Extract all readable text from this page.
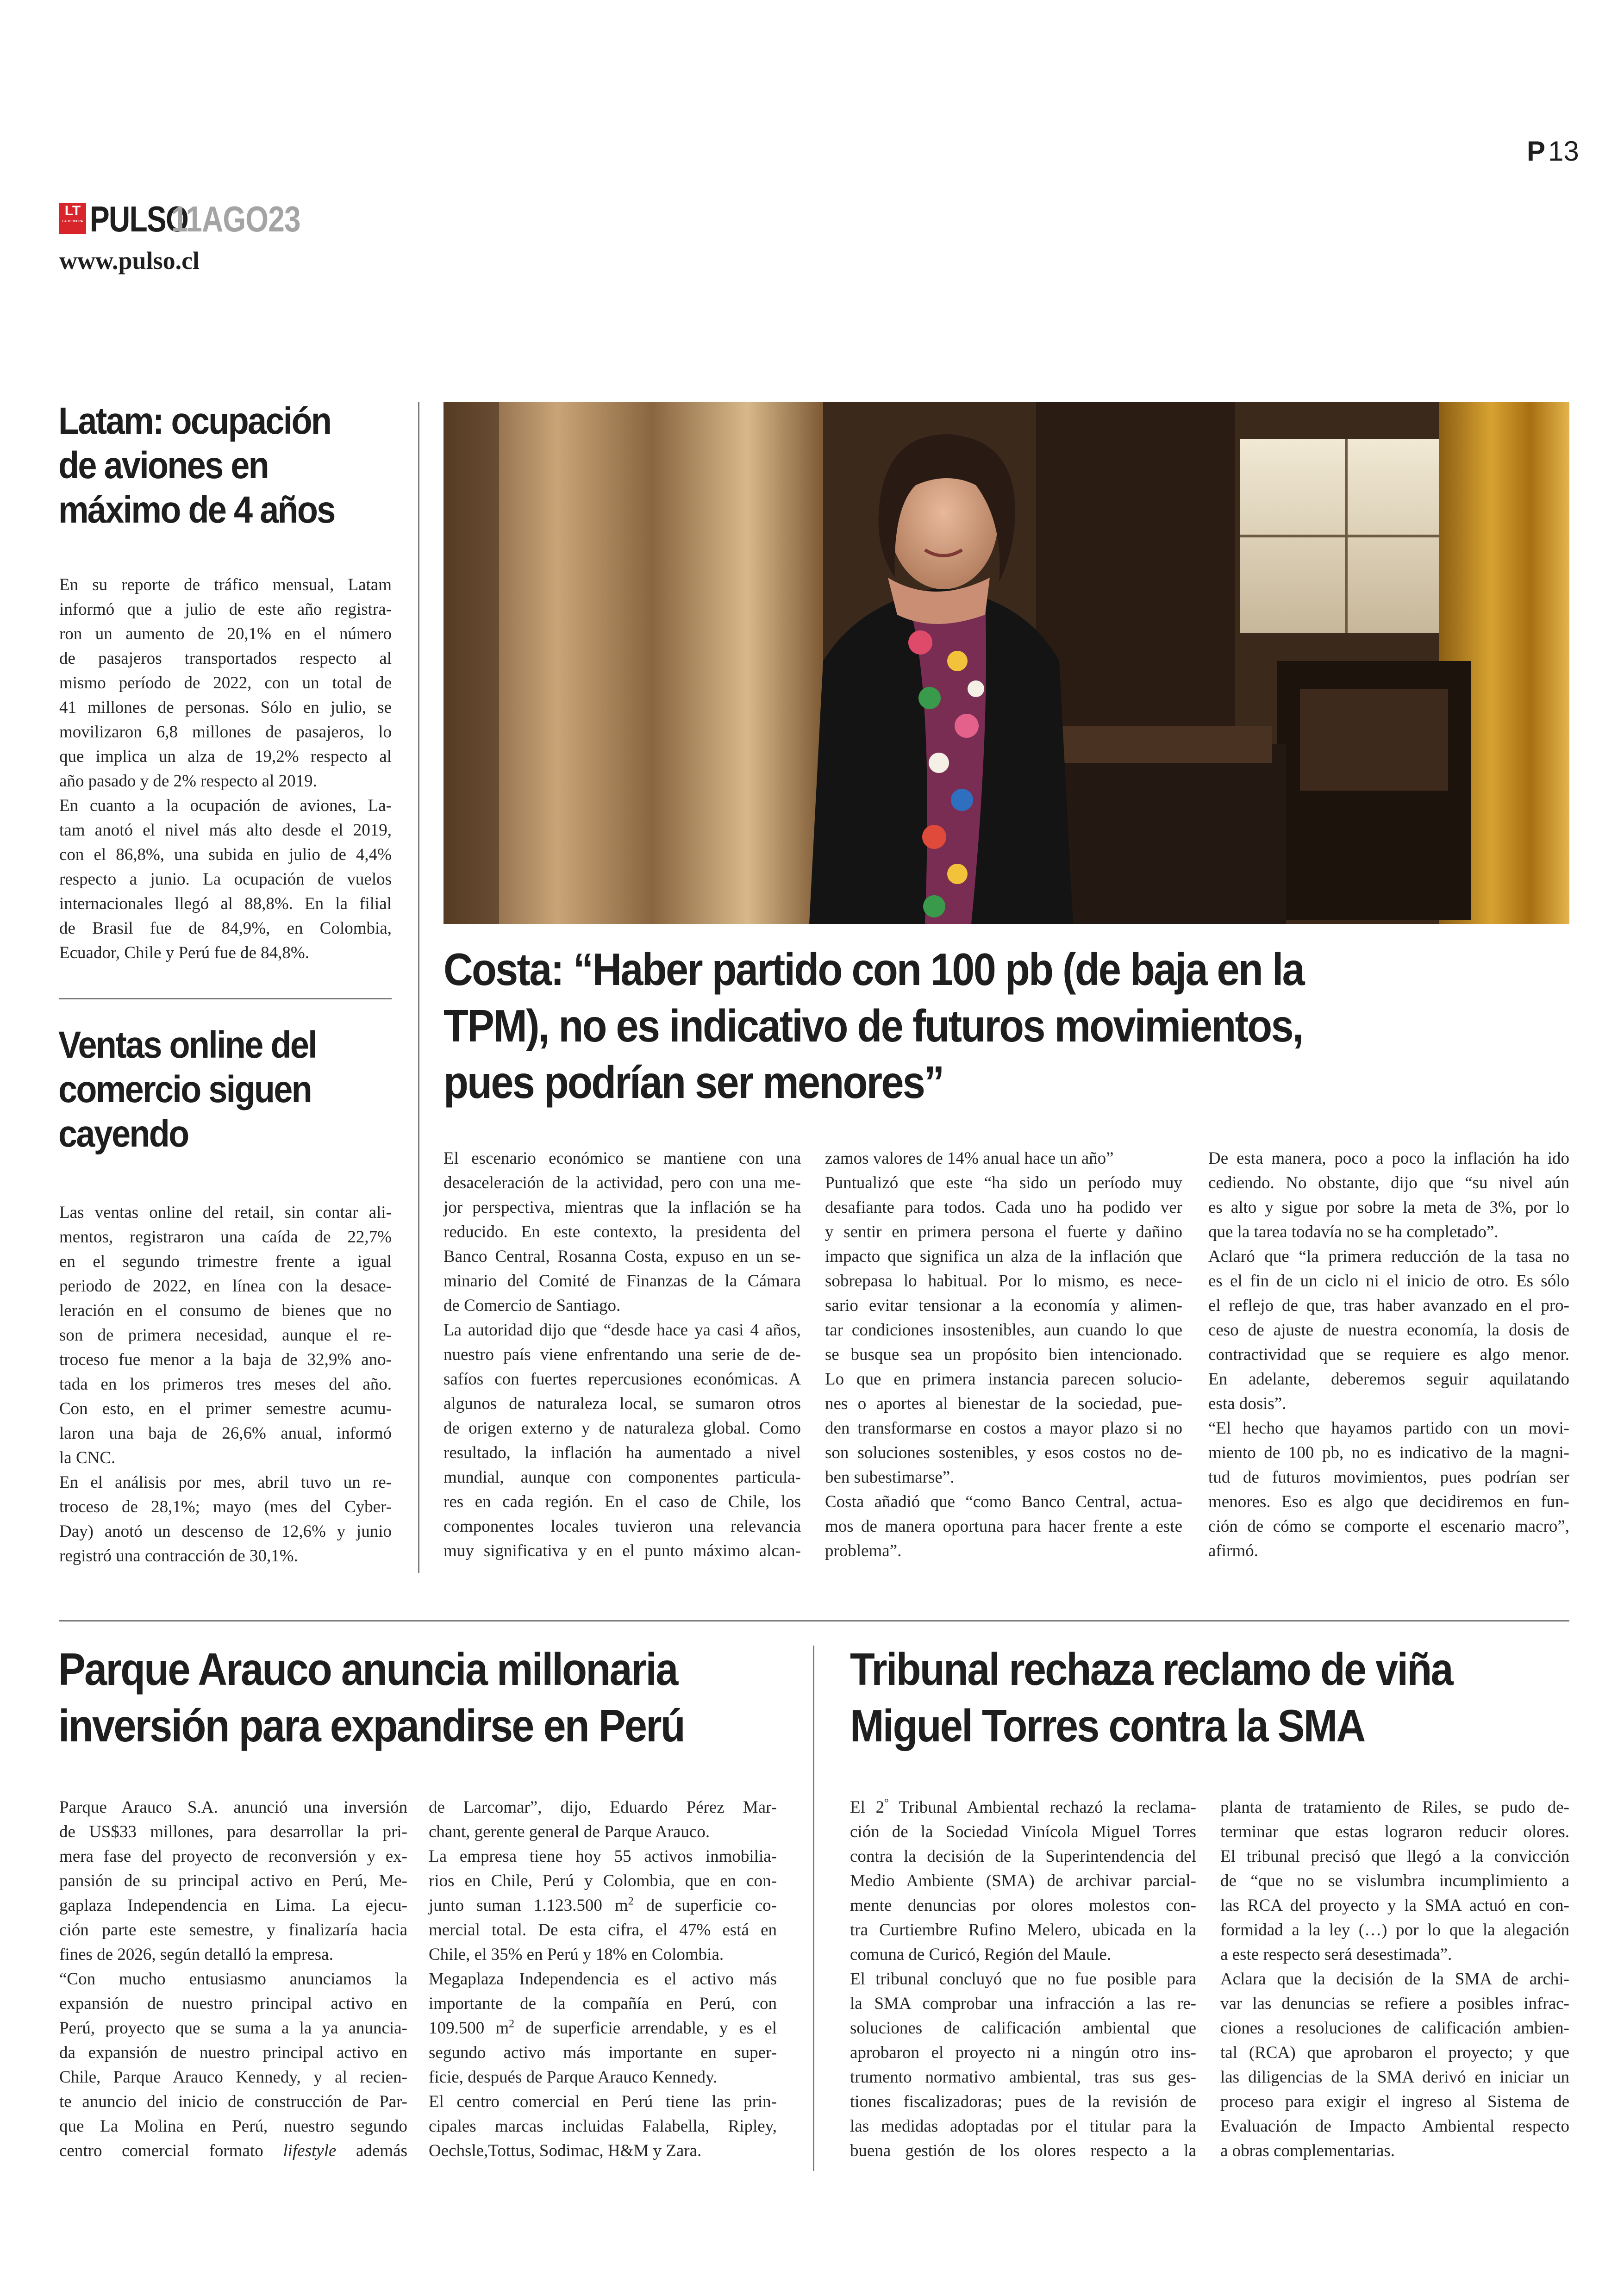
P 13
LT
LA TERCERA PULSO
11AGO23
www.pulso.cl
Latam: ocupación
de aviones en
máximo de 4 años
En su reporte de tráfico mensual, Latam
informó que a julio de este año registra-
ron un aumento de 20,1% en el número
de pasajeros transportados respecto al
mismo período de 2022, con un total de
41 millones de personas. Sólo en julio, se
movilizaron 6,8 millones de pasajeros, lo
que implica un alza de 19,2% respecto al
año pasado y de 2% respecto al 2019.
En cuanto a la ocupación de aviones, La-
tam anotó el nivel más alto desde el 2019,
con el 86,8%, una subida en julio de 4,4%
respecto a junio. La ocupación de vuelos
internacionales llegó al 88,8%. En la filial
de Brasil fue de 84,9%, en Colombia,
Ecuador, Chile y Perú fue de 84,8%.
Ventas online del
comercio siguen
cayendo
Las ventas online del retail, sin contar ali-
mentos, registraron una caída de 22,7%
en el segundo trimestre frente a igual
periodo de 2022, en línea con la desace-
leración en el consumo de bienes que no
son de primera necesidad, aunque el re-
troceso fue menor a la baja de 32,9% ano-
tada en los primeros tres meses del año.
Con esto, en el primer semestre acumu-
laron una baja de 26,6% anual, informó
la CNC.
En el análisis por mes, abril tuvo un re-
troceso de 28,1%; mayo (mes del Cyber-
Day) anotó un descenso de 12,6% y junio
registró una contracción de 30,1%.
Costa: “Haber partido con 100 pb (de baja en la
TPM), no es indicativo de futuros movimientos,
pues podrían ser menores”
El escenario económico se mantiene con una
desaceleración de la actividad, pero con una me-
jor perspectiva, mientras que la inflación se ha
reducido. En este contexto, la presidenta del
Banco Central, Rosanna Costa, expuso en un se-
minario del Comité de Finanzas de la Cámara
de Comercio de Santiago.
La autoridad dijo que “desde hace ya casi 4 años,
nuestro país viene enfrentando una serie de de-
safíos con fuertes repercusiones económicas. A
algunos de naturaleza local, se sumaron otros
de origen externo y de naturaleza global. Como
resultado, la inflación ha aumentado a nivel
mundial, aunque con componentes particula-
res en cada región. En el caso de Chile, los
componentes locales tuvieron una relevancia
muy significativa y en el punto máximo alcan-
zamos valores de 14% anual hace un año”
Puntualizó que este “ha sido un período muy
desafiante para todos. Cada uno ha podido ver
y sentir en primera persona el fuerte y dañino
impacto que significa un alza de la inflación que
sobrepasa lo habitual. Por lo mismo, es nece-
sario evitar tensionar a la economía y alimen-
tar condiciones insostenibles, aun cuando lo que
se busque sea un propósito bien intencionado.
Lo que en primera instancia parecen solucio-
nes o aportes al bienestar de la sociedad, pue-
den transformarse en costos a mayor plazo si no
son soluciones sostenibles, y esos costos no de-
ben subestimarse”.
Costa añadió que “como Banco Central, actua-
mos de manera oportuna para hacer frente a este
problema”.
De esta manera, poco a poco la inflación ha ido
cediendo. No obstante, dijo que “su nivel aún
es alto y sigue por sobre la meta de 3%, por lo
que la tarea todavía no se ha completado”.
Aclaró que “la primera reducción de la tasa no
es el fin de un ciclo ni el inicio de otro. Es sólo
el reflejo de que, tras haber avanzado en el pro-
ceso de ajuste de nuestra economía, la dosis de
contractividad que se requiere es algo menor.
En adelante, deberemos seguir aquilatando
esta dosis”.
“El hecho que hayamos partido con un movi-
miento de 100 pb, no es indicativo de la magni-
tud de futuros movimientos, pues podrían ser
menores. Eso es algo que decidiremos en fun-
ción de cómo se comporte el escenario macro”,
afirmó.
Parque Arauco anuncia millonaria
inversión para expandirse en Perú
Parque Arauco S.A. anunció una inversión
de US$33 millones, para desarrollar la pri-
mera fase del proyecto de reconversión y ex-
pansión de su principal activo en Perú, Me-
gaplaza Independencia en Lima. La ejecu-
ción parte este semestre, y finalizaría hacia
fines de 2026, según detalló la empresa.
“Con mucho entusiasmo anunciamos la
expansión de nuestro principal activo en
Perú, proyecto que se suma a la ya anuncia-
da expansión de nuestro principal activo en
Chile, Parque Arauco Kennedy, y al recien-
te anuncio del inicio de construcción de Par-
que La Molina en Perú, nuestro segundo
centro comercial formato lifestyle además
de Larcomar”, dijo, Eduardo Pérez Mar-
chant, gerente general de Parque Arauco.
La empresa tiene hoy 55 activos inmobilia-
rios en Chile, Perú y Colombia, que en con-
junto suman 1.123.500 $m^2$ de superficie co-
mercial total. De esta cifra, el 47% está en
Chile, el 35% en Perú y 18% en Colombia.
Megaplaza Independencia es el activo más
importante de la compañía en Perú, con
109.500 $m^2$ de superficie arrendable, y es el
segundo activo más importante en super-
ficie, después de Parque Arauco Kennedy.
El centro comercial en Perú tiene las prin-
cipales marcas incluidas Falabella, Ripley,
Oechsle,Tottus, Sodimac, H&M y Zara.
Tribunal rechaza reclamo de viña
Miguel Torres contra la SMA
El 2° Tribunal Ambiental rechazó la reclama-
ción de la Sociedad Vinícola Miguel Torres
contra la decisión de la Superintendencia del
Medio Ambiente (SMA) de archivar parcial-
mente denuncias por olores molestos con-
tra Curtiembre Rufino Melero, ubicada en la
comuna de Curicó, Región del Maule.
El tribunal concluyó que no fue posible para
la SMA comprobar una infracción a las re-
soluciones de calificación ambiental que
aprobaron el proyecto ni a ningún otro ins-
trumento normativo ambiental, tras sus ges-
tiones fiscalizadoras; pues de la revisión de
las medidas adoptadas por el titular para la
buena gestión de los olores respecto a la
planta de tratamiento de Riles, se pudo de-
terminar que estas lograron reducir olores.
El tribunal precisó que llegó a la convicción
de “que no se vislumbra incumplimiento a
las RCA del proyecto y la SMA actuó en con-
formidad a la ley (…) por lo que la alegación
a este respecto será desestimada”.
Aclara que la decisión de la SMA de archi-
var las denuncias se refiere a posibles infrac-
ciones a resoluciones de calificación ambien-
tal (RCA) que aprobaron el proyecto; y que
las diligencias de la SMA derivó en iniciar un
proceso para exigir el ingreso al Sistema de
Evaluación de Impacto Ambiental respecto
a obras complementarias.
